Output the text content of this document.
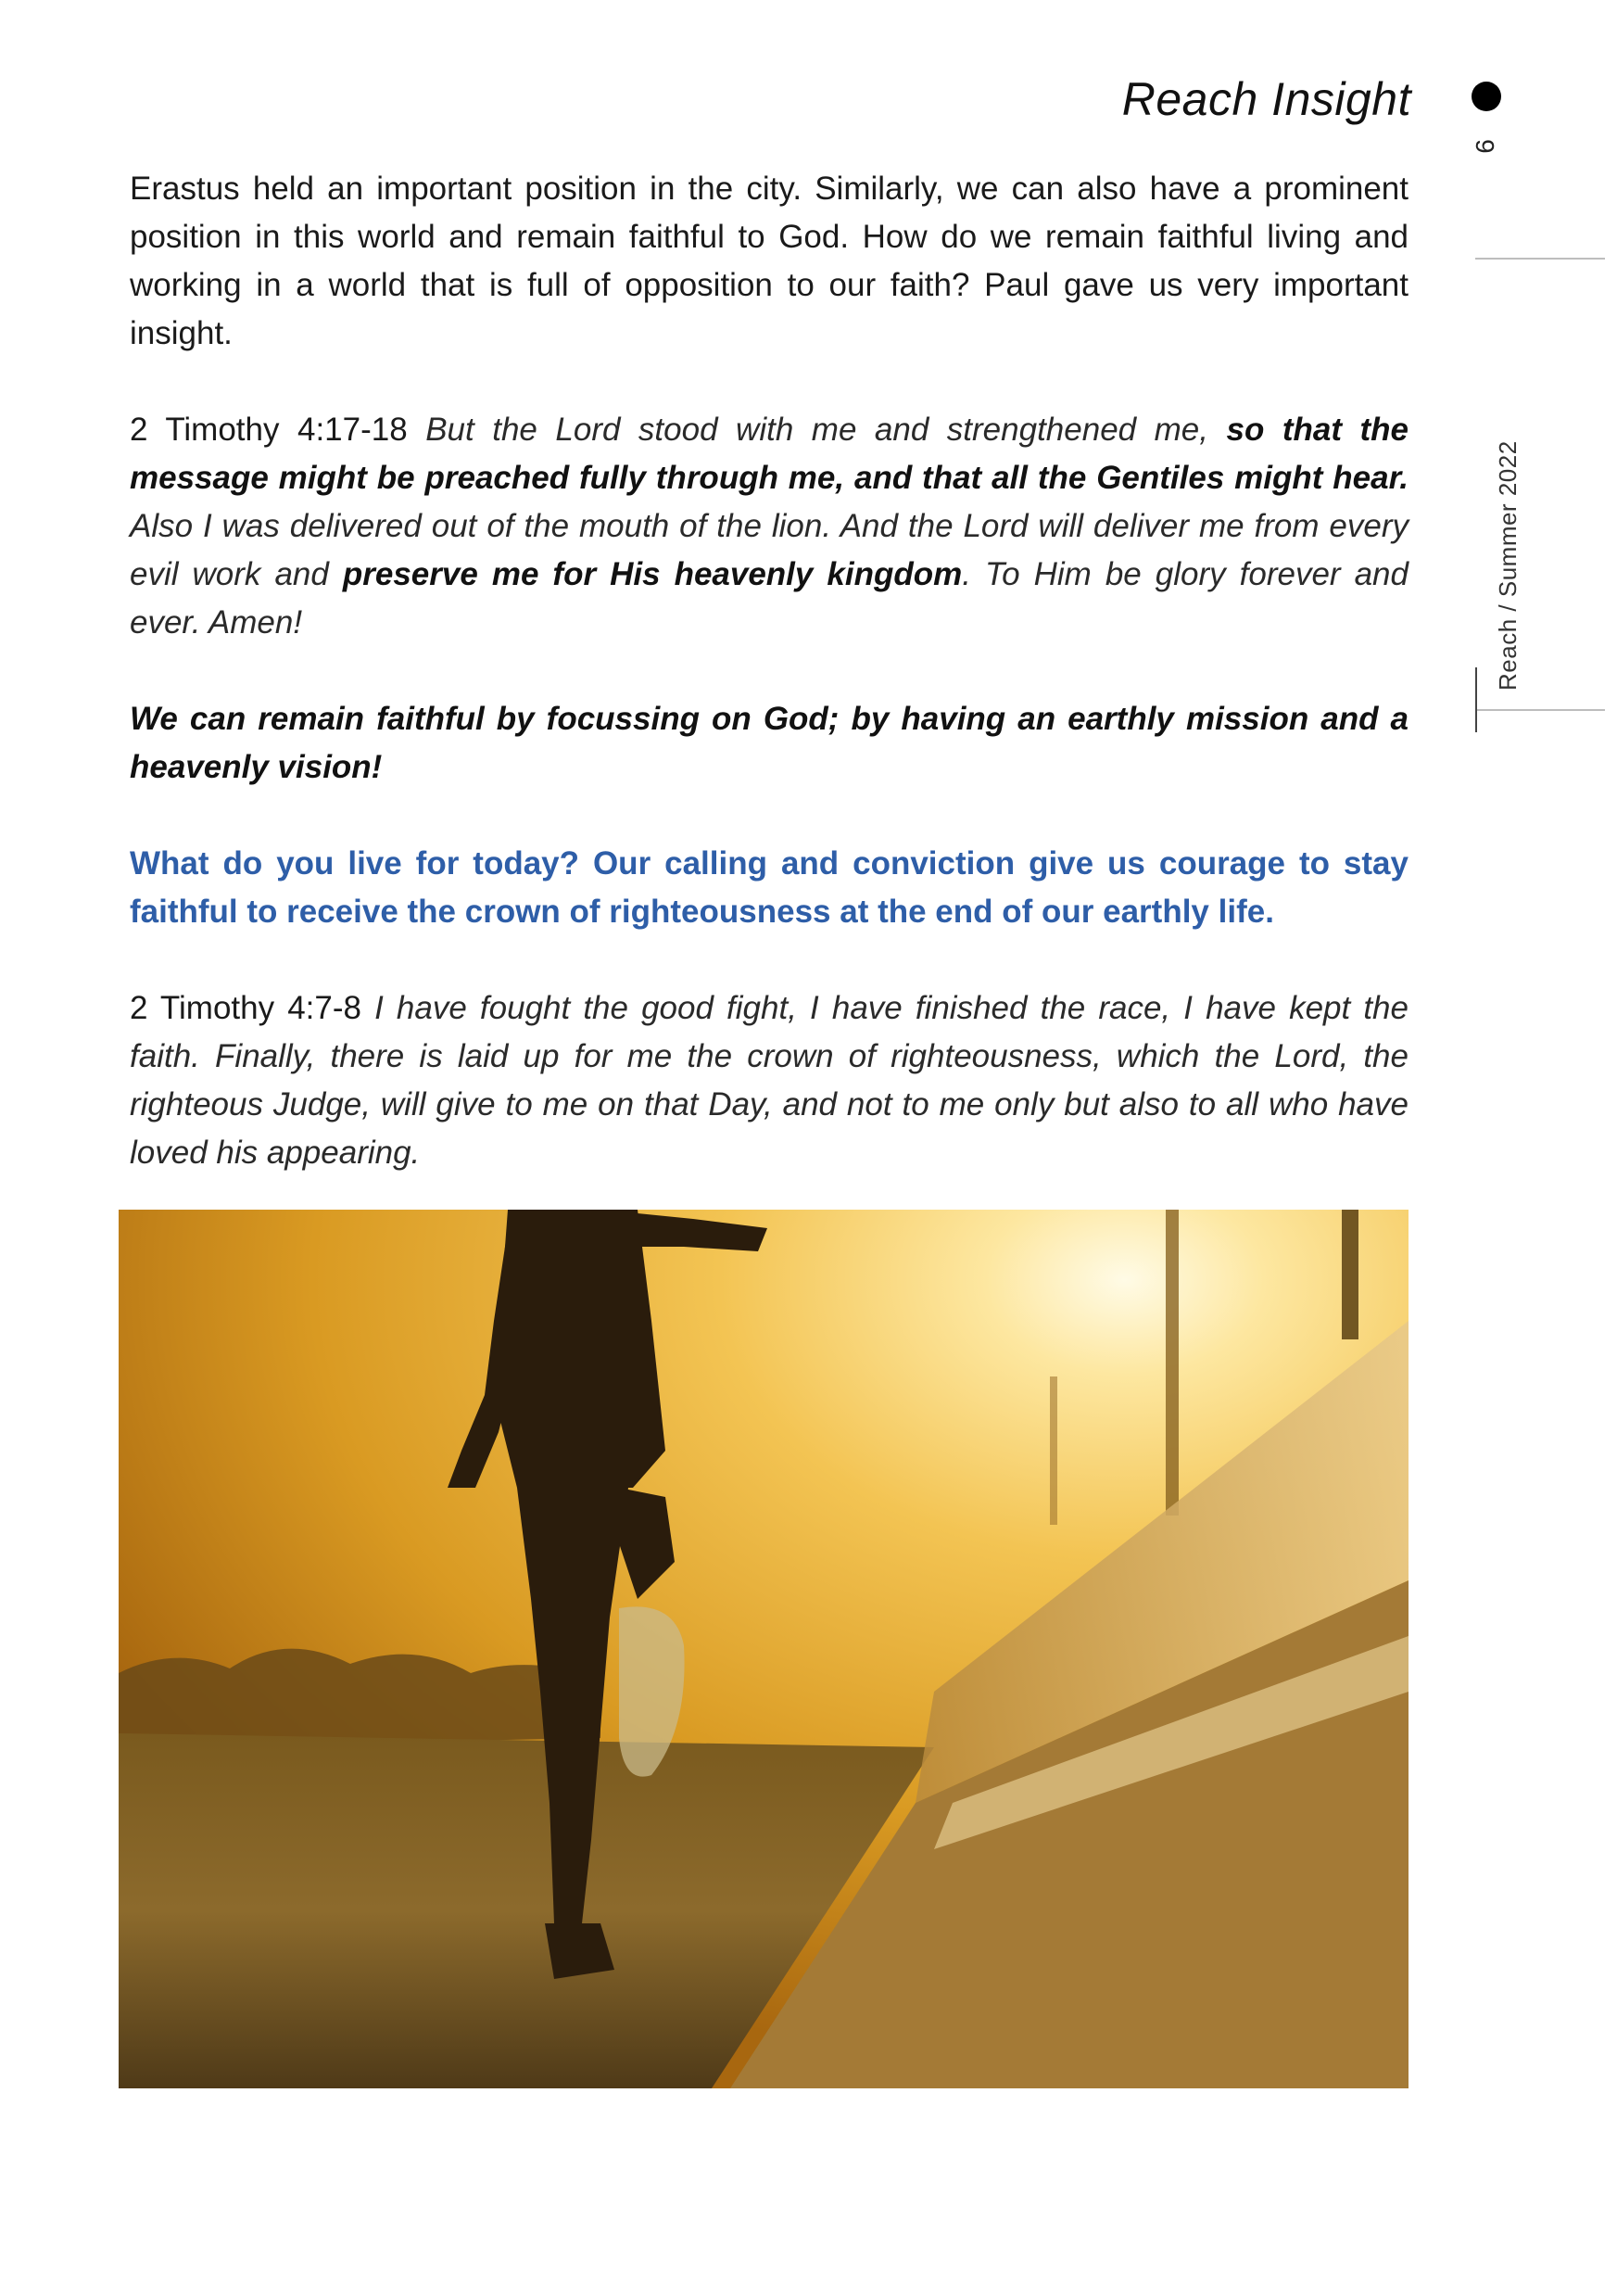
Reach Insight
9
Reach / Summer 2022

Erastus held an important position in the city. Similarly, we can also have a prominent position in this world and remain faithful to God. How do we remain faithful living and working in a world that is full of opposition to our faith? Paul gave us very important insight.

2 Timothy 4:17-18 But the Lord stood with me and strengthened me, so that the message might be preached fully through me, and that all the Gentiles might hear. Also I was delivered out of the mouth of the lion. And the Lord will deliver me from every evil work and preserve me for His heavenly kingdom. To Him be glory forever and ever. Amen!

We can remain faithful by focussing on God; by having an earthly mission and a heavenly vision!

What do you live for today? Our calling and conviction give us courage to stay faithful to receive the crown of righteousness at the end of our earthly life.

2 Timothy 4:7-8 I have fought the good fight, I have finished the race, I have kept the faith. Finally, there is laid up for me the crown of righteousness, which the Lord, the righteous Judge, will give to me on that Day, and not to me only but also to all who have loved his appearing.
